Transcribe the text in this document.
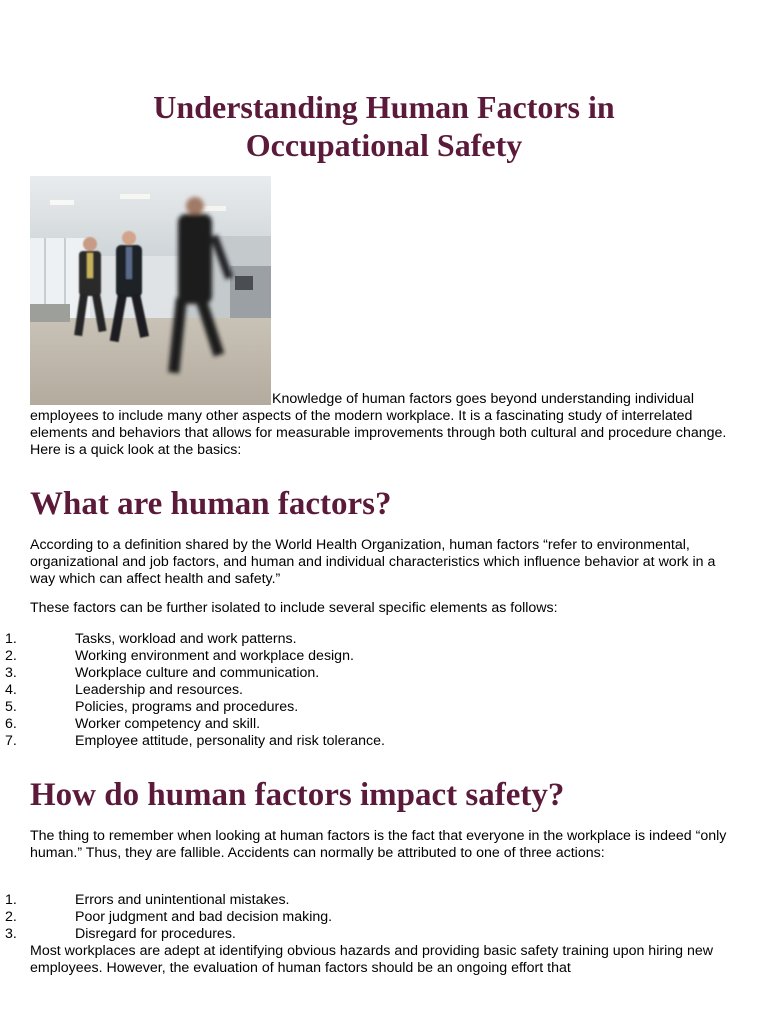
Understanding Human Factors in
Occupational Safety

Knowledge of human factors goes beyond understanding individual employees to include many other aspects of the modern workplace. It is a fascinating study of interrelated elements and behaviors that allows for measurable improvements through both cultural and procedure change. Here is a quick look at the basics:

What are human factors?

According to a definition shared by the World Health Organization, human factors “refer to environmental, organizational and job factors, and human and individual characteristics which influence behavior at work in a way which can affect health and safety.”

These factors can be further isolated to include several specific elements as follows:

1.	Tasks, workload and work patterns.
2.	Working environment and workplace design.
3.	Workplace culture and communication.
4.	Leadership and resources.
5.	Policies, programs and procedures.
6.	Worker competency and skill.
7.	Employee attitude, personality and risk tolerance.
How do human factors impact safety?

The thing to remember when looking at human factors is the fact that everyone in the workplace is indeed “only human.” Thus, they are fallible. Accidents can normally be attributed to one of three actions:

1.	Errors and unintentional mistakes.
2.	Poor judgment and bad decision making.
3.	Disregard for procedures.

Most workplaces are adept at identifying obvious hazards and providing basic safety training upon hiring new employees. However, the evaluation of human factors should be an ongoing effort that
